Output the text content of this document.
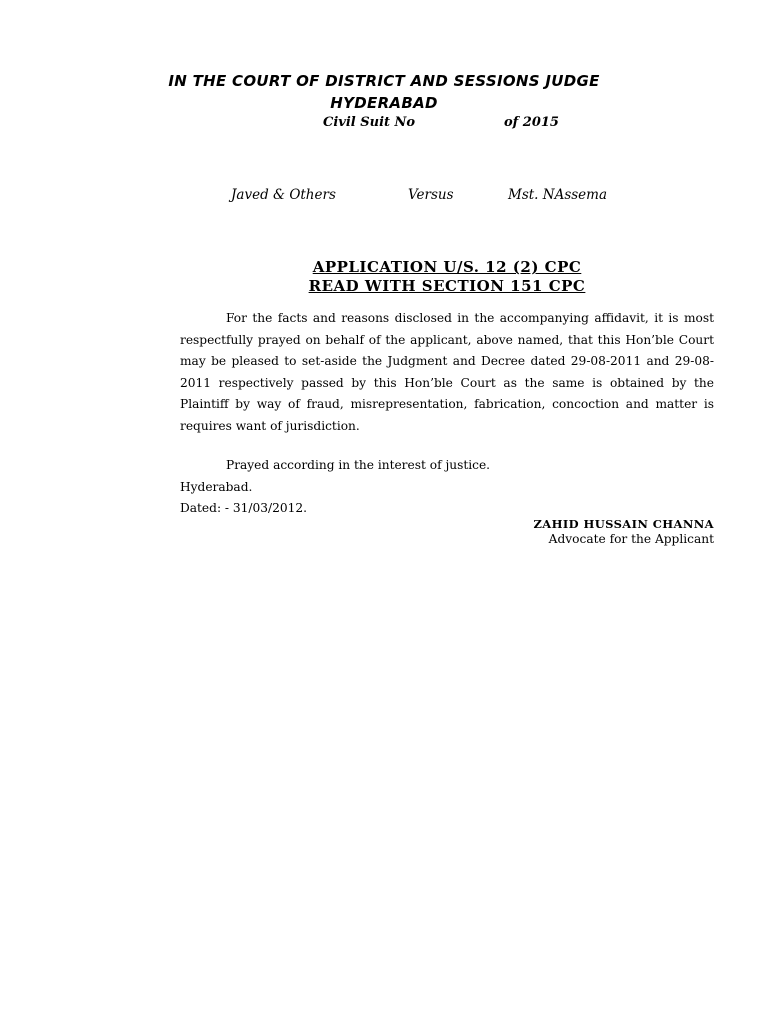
IN THE COURT OF DISTRICT AND SESSIONS JUDGE
HYDERABAD
Civil Suit No	of 2015
Javed & Others	Versus	Mst. NAssema
APPLICATION U/S. 12 (2) CPC
READ WITH SECTION 151 CPC

For the facts and reasons disclosed in the accompanying affidavit, it is most respectfully prayed on behalf of the applicant, above named, that this Hon’ble Court may be pleased to set-aside the Judgment and Decree dated 29-08-2011 and 29-08-2011 respectively passed by this Hon’ble Court as the same is obtained by the Plaintiff by way of fraud, misrepresentation, fabrication, concoction and matter is requires want of jurisdiction.

Prayed according in the interest of justice.
Hyderabad.
Dated: - 31/03/2012.
ZAHID HUSSAIN CHANNA
Advocate for the Applicant
